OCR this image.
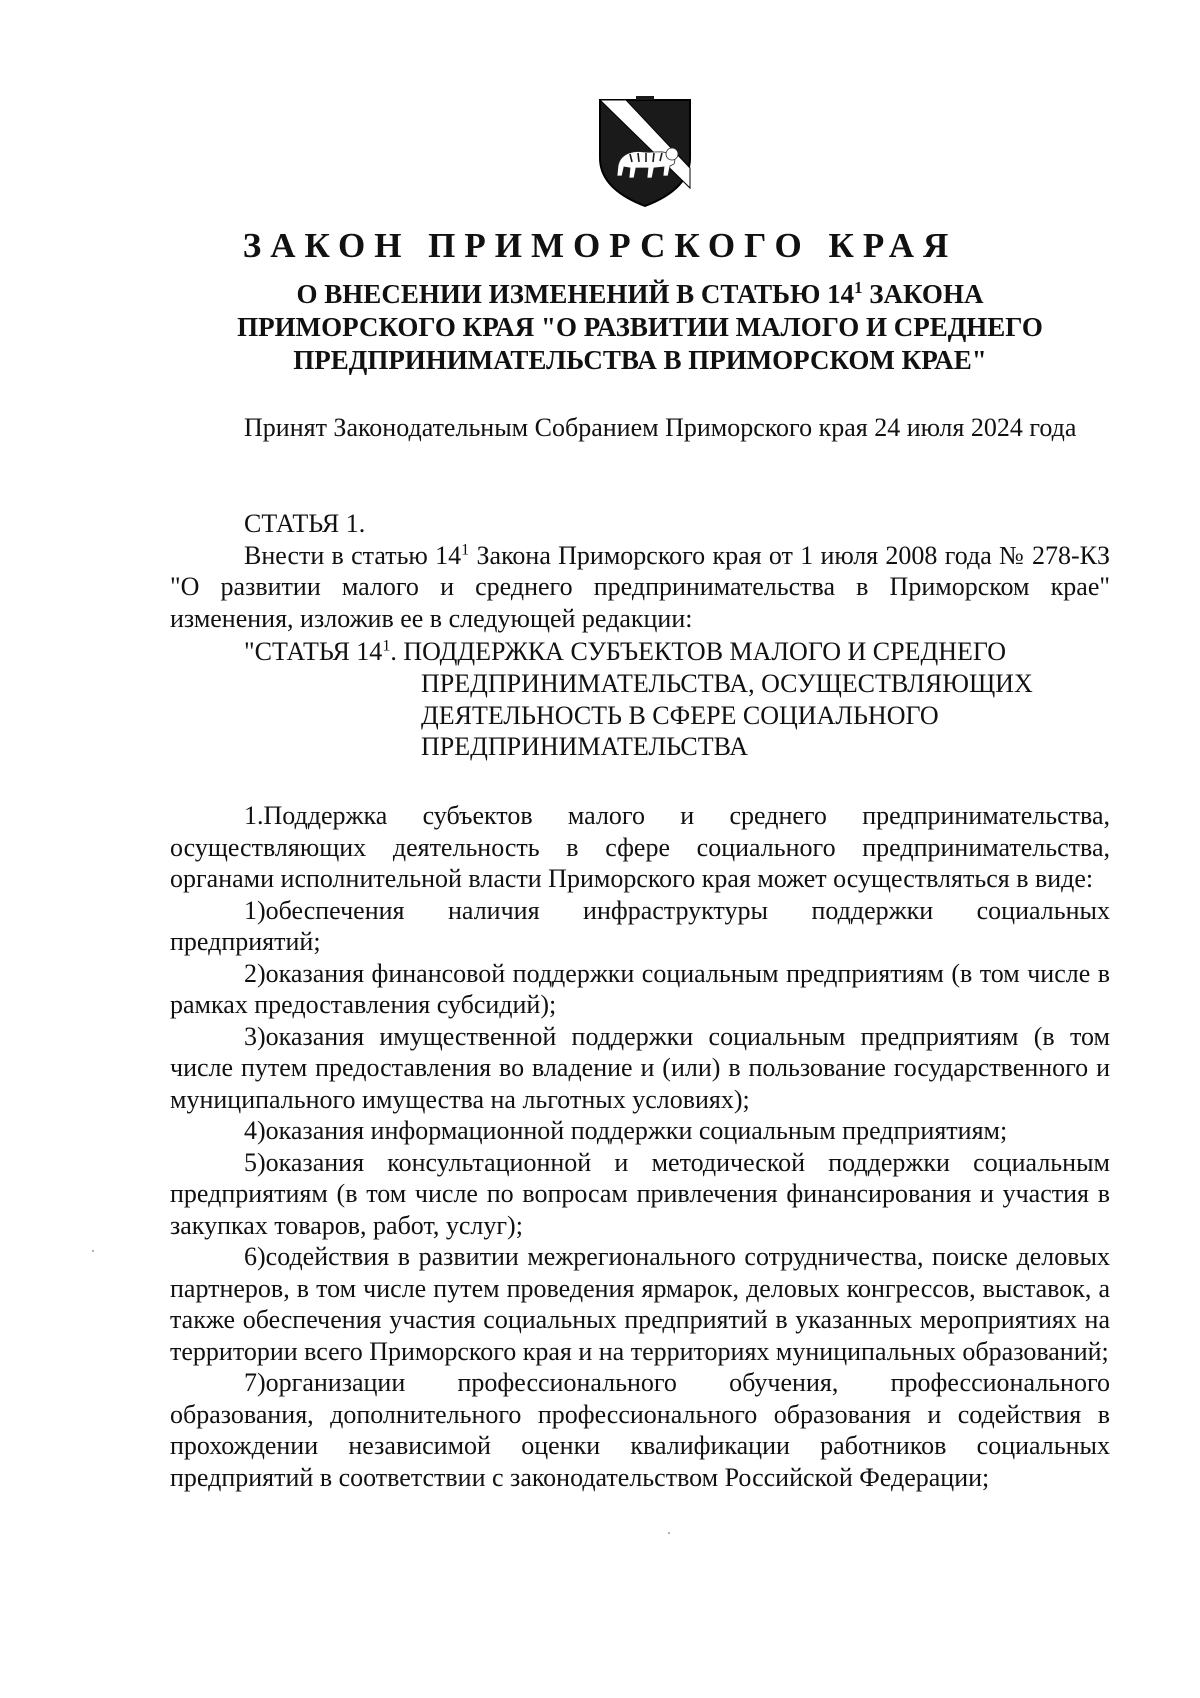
ЗАКОН ПРИМОРСКОГО КРАЯ
О ВНЕСЕНИИ ИЗМЕНЕНИЙ В СТАТЬЮ $14^1$ ЗАКОНА
ПРИМОРСКОГО КРАЯ "О РАЗВИТИИ МАЛОГО И СРЕДНЕГО
ПРЕДПРИНИМАТЕЛЬСТВА В ПРИМОРСКОМ КРАЕ"

Принят Законодательным Собранием Приморского края 24 июля 2024 года

СТАТЬЯ 1.

Внести в статью $14^1$ Закона Приморского края от 1 июля 2008 года № 278-КЗ "О развитии малого и среднего предпринимательства в Приморском крае" изменения, изложив ее в следующей редакции:

"СТАТЬЯ $14^1$. ПОДДЕРЖКА СУБЪЕКТОВ МАЛОГО И СРЕДНЕГО
ПРЕДПРИНИМАТЕЛЬСТВА, ОСУЩЕСТВЛЯЮЩИХ
ДЕЯТЕЛЬНОСТЬ В СФЕРЕ СОЦИАЛЬНОГО
ПРЕДПРИНИМАТЕЛЬСТВА

1.Поддержка субъектов малого и среднего предпринимательства, осуществляющих деятельность в сфере социального предпринимательства, органами исполнительной власти Приморского края может осуществляться в виде:

1)обеспечения наличия инфраструктуры поддержки социальных предприятий;

2)оказания финансовой поддержки социальным предприятиям (в том числе в рамках предоставления субсидий);

3)оказания имущественной поддержки социальным предприятиям (в том числе путем предоставления во владение и (или) в пользование государственного и муниципального имущества на льготных условиях);

4)оказания информационной поддержки социальным предприятиям;

5)оказания консультационной и методической поддержки социальным предприятиям (в том числе по вопросам привлечения финансирования и участия в закупках товаров, работ, услуг);

6)содействия в развитии межрегионального сотрудничества, поиске деловых партнеров, в том числе путем проведения ярмарок, деловых конгрессов, выставок, а также обеспечения участия социальных предприятий в указанных мероприятиях на территории всего Приморского края и на территориях муниципальных образований;

7)организации профессионального обучения, профессионального образования, дополнительного профессионального образования и содействия в прохождении независимой оценки квалификации работников социальных предприятий в соответствии с законодательством Российской Федерации;
